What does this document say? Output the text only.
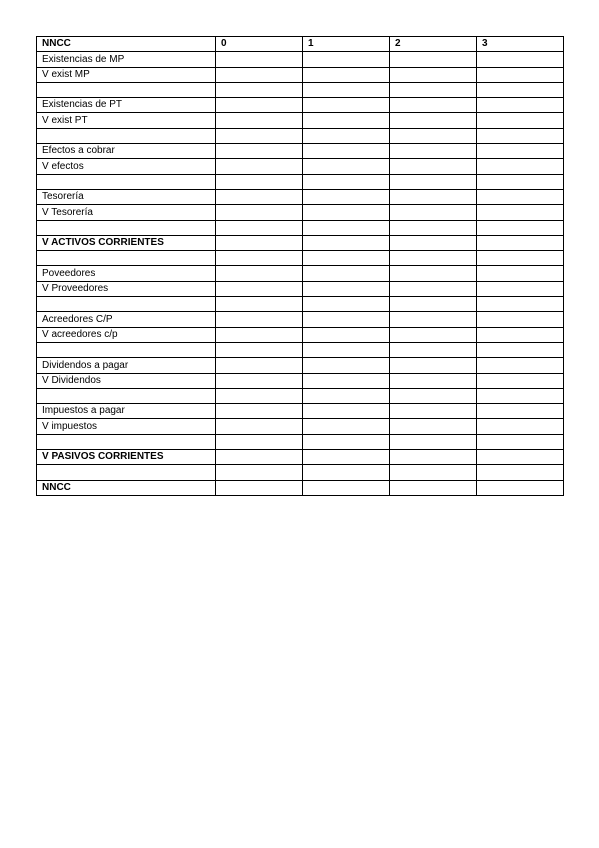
NNCC	0	1	2	3
Existencias de MP				
V exist MP				

Existencias de PT				
V exist PT				

Efectos a cobrar				
V efectos				

Tesorería				
V Tesorería				

V ACTIVOS CORRIENTES				

Poveedores				
V Proveedores				

Acreedores C/P				
V acreedores c/p				

Dividendos a pagar				
V Dividendos				

Impuestos a pagar				
V impuestos				

V PASIVOS CORRIENTES				

NNCC				
